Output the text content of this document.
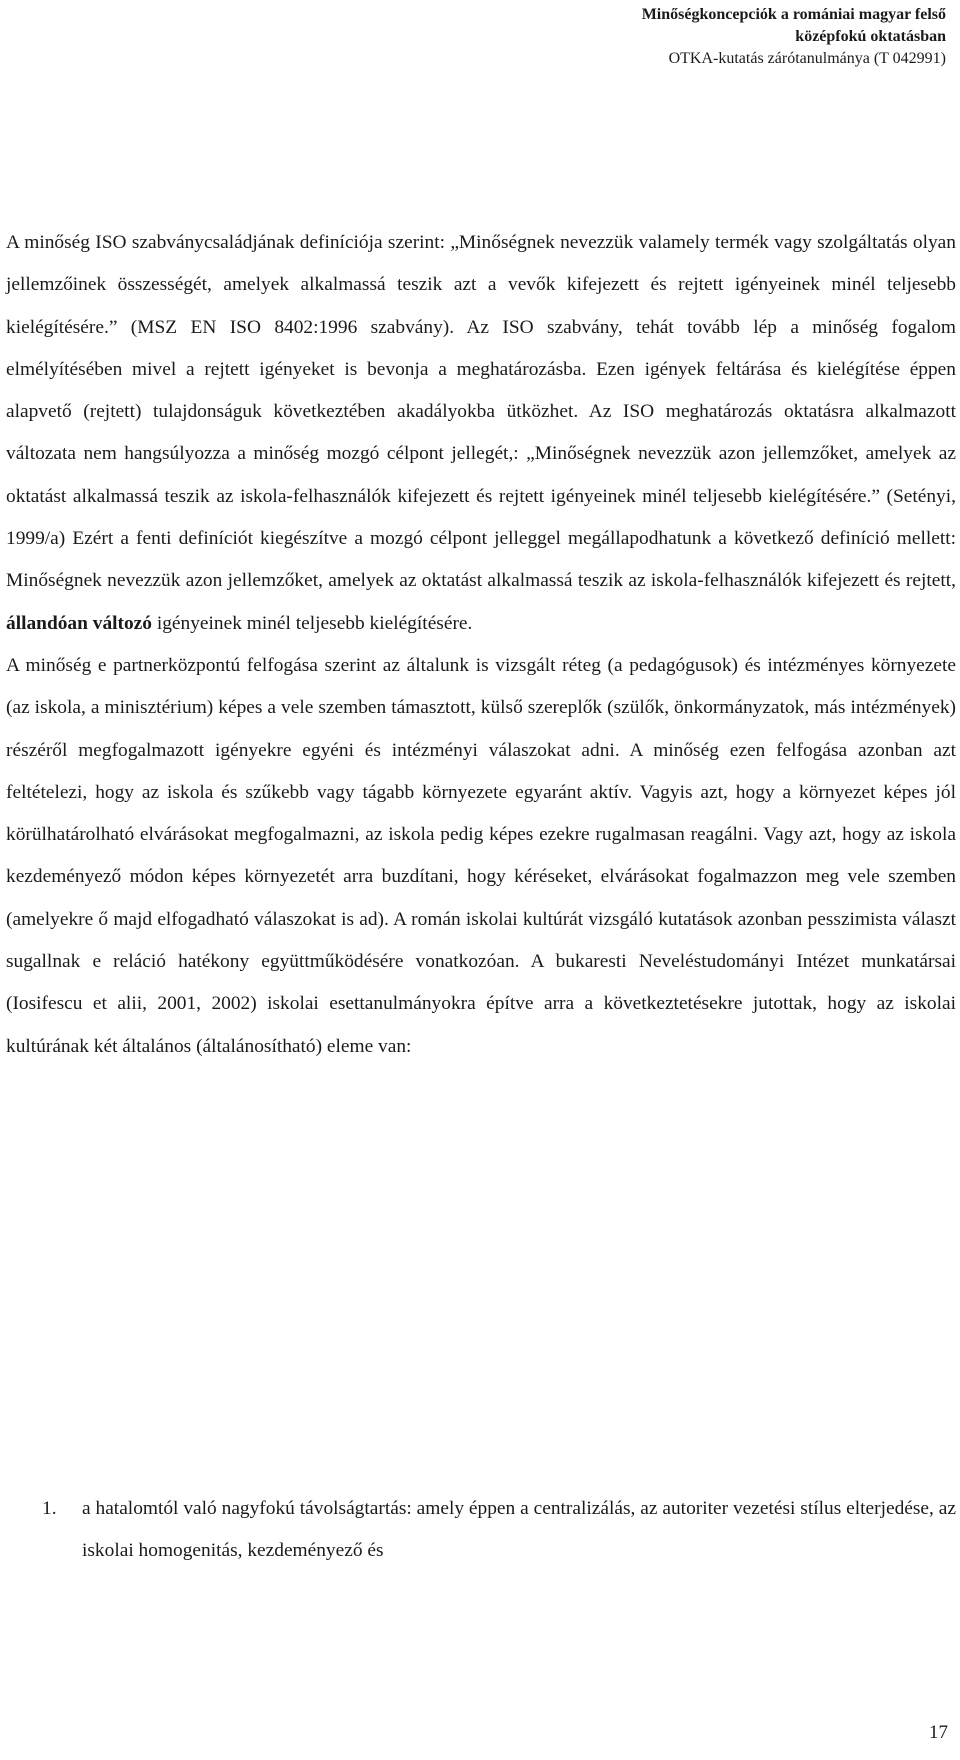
Minőségkoncepciók a romániai magyar felső
középfokú oktatásban
OTKA-kutatás zárótanulmánya (T 042991)

A minőség ISO szabványcsaládjának definíciója szerint: „Minőségnek nevezzük valamely termék vagy szolgáltatás olyan jellemzőinek összességét, amelyek alkalmassá teszik azt a vevők kifejezett és rejtett igényeinek minél teljesebb kielégítésére.” (MSZ EN ISO 8402:1996 szabvány). Az ISO szabvány, tehát tovább lép a minőség fogalom elmélyítésében mivel a rejtett igényeket is bevonja a meghatározásba. Ezen igények feltárása és kielégítése éppen alapvető (rejtett) tulajdonságuk következtében akadályokba ütközhet. Az ISO meghatározás oktatásra alkalmazott változata nem hangsúlyozza a minőség mozgó célpont jellegét,: „Minőségnek nevezzük azon jellemzőket, amelyek az oktatást alkalmassá teszik az iskola-felhasználók kifejezett és rejtett igényeinek minél teljesebb kielégítésére.” (Setényi, 1999/a) Ezért a fenti definíciót kiegészítve a mozgó célpont jelleggel megállapodhatunk a következő definíció mellett: Minőségnek nevezzük azon jellemzőket, amelyek az oktatást alkalmassá teszik az iskola-felhasználók kifejezett és rejtett, állandóan változó igényeinek minél teljesebb kielégítésére.

A minőség e partnerközpontú felfogása szerint az általunk is vizsgált réteg (a pedagógusok) és intézményes környezete (az iskola, a minisztérium) képes a vele szemben támasztott, külső szereplők (szülők, önkormányzatok, más intézmények) részéről megfogalmazott igényekre egyéni és intézményi válaszokat adni. A minőség ezen felfogása azonban azt feltételezi, hogy az iskola és szűkebb vagy tágabb környezete egyaránt aktív. Vagyis azt, hogy a környezet képes jól körülhatárolható elvárásokat megfogalmazni, az iskola pedig képes ezekre rugalmasan reagálni. Vagy azt, hogy az iskola kezdeményező módon képes környezetét arra buzdítani, hogy kéréseket, elvárásokat fogalmazzon meg vele szemben (amelyekre ő majd elfogadható válaszokat is ad). A román iskolai kultúrát vizsgáló kutatások azonban pesszimista választ sugallnak e reláció hatékony együttműködésére vonatkozóan. A bukaresti Neveléstudományi Intézet munkatársai (Iosifescu et alii, 2001, 2002) iskolai esettanulmányokra építve arra a következtetésekre jutottak, hogy az iskolai kultúrának két általános (általánosítható) eleme van:

1. a hatalomtól való nagyfokú távolságtartás: amely éppen a centralizálás, az autoriter vezetési stílus elterjedése, az iskolai homogenitás, kezdeményező és
17
